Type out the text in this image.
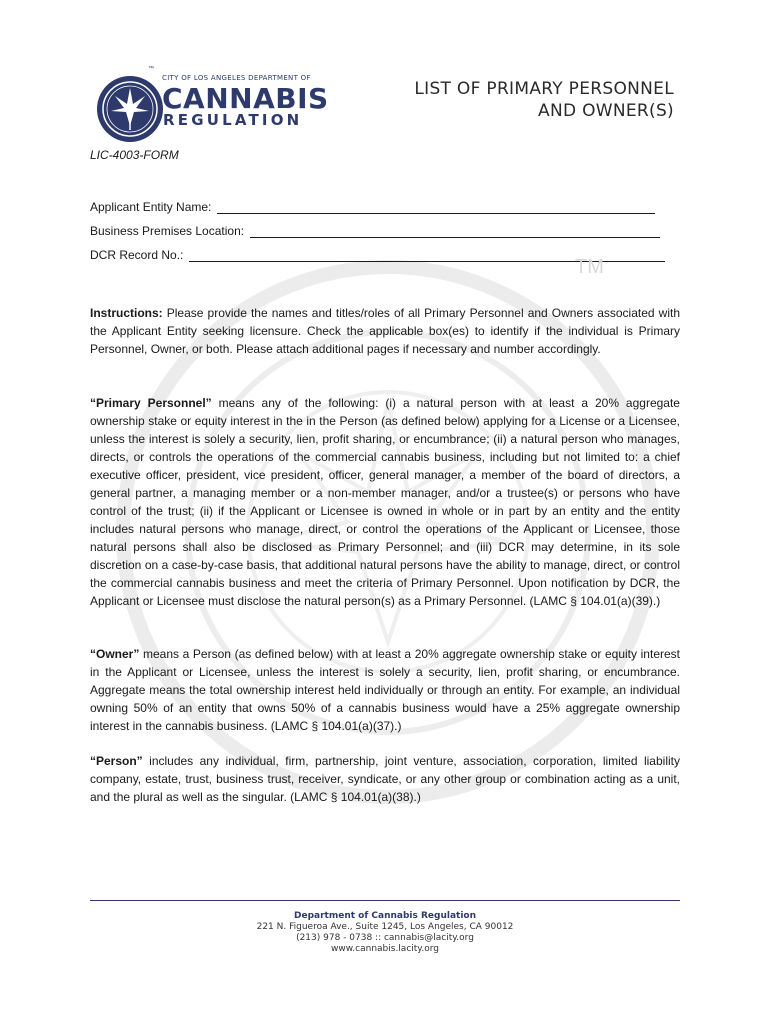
™
CITY OF LOS ANGELES DEPARTMENT OF
CANNABIS
REGULATION
LIST OF PRIMARY PERSONNEL
AND OWNER(S)
LIC-4003-FORM
Applicant Entity Name:
Business Premises Location:
DCR Record No.:
TM

Instructions: Please provide the names and titles/roles of all Primary Personnel and Owners associated with the Applicant Entity seeking licensure. Check the applicable box(es) to identify if the individual is Primary Personnel, Owner, or both. Please attach additional pages if necessary and number accordingly.

“Primary Personnel” means any of the following: (i) a natural person with at least a 20% aggregate ownership stake or equity interest in the in the Person (as defined below) applying for a License or a Licensee, unless the interest is solely a security, lien, profit sharing, or encumbrance; (ii) a natural person who manages, directs, or controls the operations of the commercial cannabis business, including but not limited to: a chief executive officer, president, vice president, officer, general manager, a member of the board of directors, a general partner, a managing member or a non-member manager, and/or a trustee(s) or persons who have control of the trust; (ii) if the Applicant or Licensee is owned in whole or in part by an entity and the entity includes natural persons who manage, direct, or control the operations of the Applicant or Licensee, those natural persons shall also be disclosed as Primary Personnel; and (iii) DCR may determine, in its sole discretion on a case-by-case basis, that additional natural persons have the ability to manage, direct, or control the commercial cannabis business and meet the criteria of Primary Personnel. Upon notification by DCR, the Applicant or Licensee must disclose the natural person(s) as a Primary Personnel. (LAMC § 104.01(a)(39).)

“Owner” means a Person (as defined below) with at least a 20% aggregate ownership stake or equity interest in the Applicant or Licensee, unless the interest is solely a security, lien, profit sharing, or encumbrance. Aggregate means the total ownership interest held individually or through an entity. For example, an individual owning 50% of an entity that owns 50% of a cannabis business would have a 25% aggregate ownership interest in the cannabis business. (LAMC § 104.01(a)(37).)

“Person” includes any individual, firm, partnership, joint venture, association, corporation, limited liability company, estate, trust, business trust, receiver, syndicate, or any other group or combination acting as a unit, and the plural as well as the singular. (LAMC § 104.01(a)(38).)

Department of Cannabis Regulation
221 N. Figueroa Ave., Suite 1245, Los Angeles, CA 90012
(213) 978 - 0738 :: cannabis@lacity.org
www.cannabis.lacity.org
